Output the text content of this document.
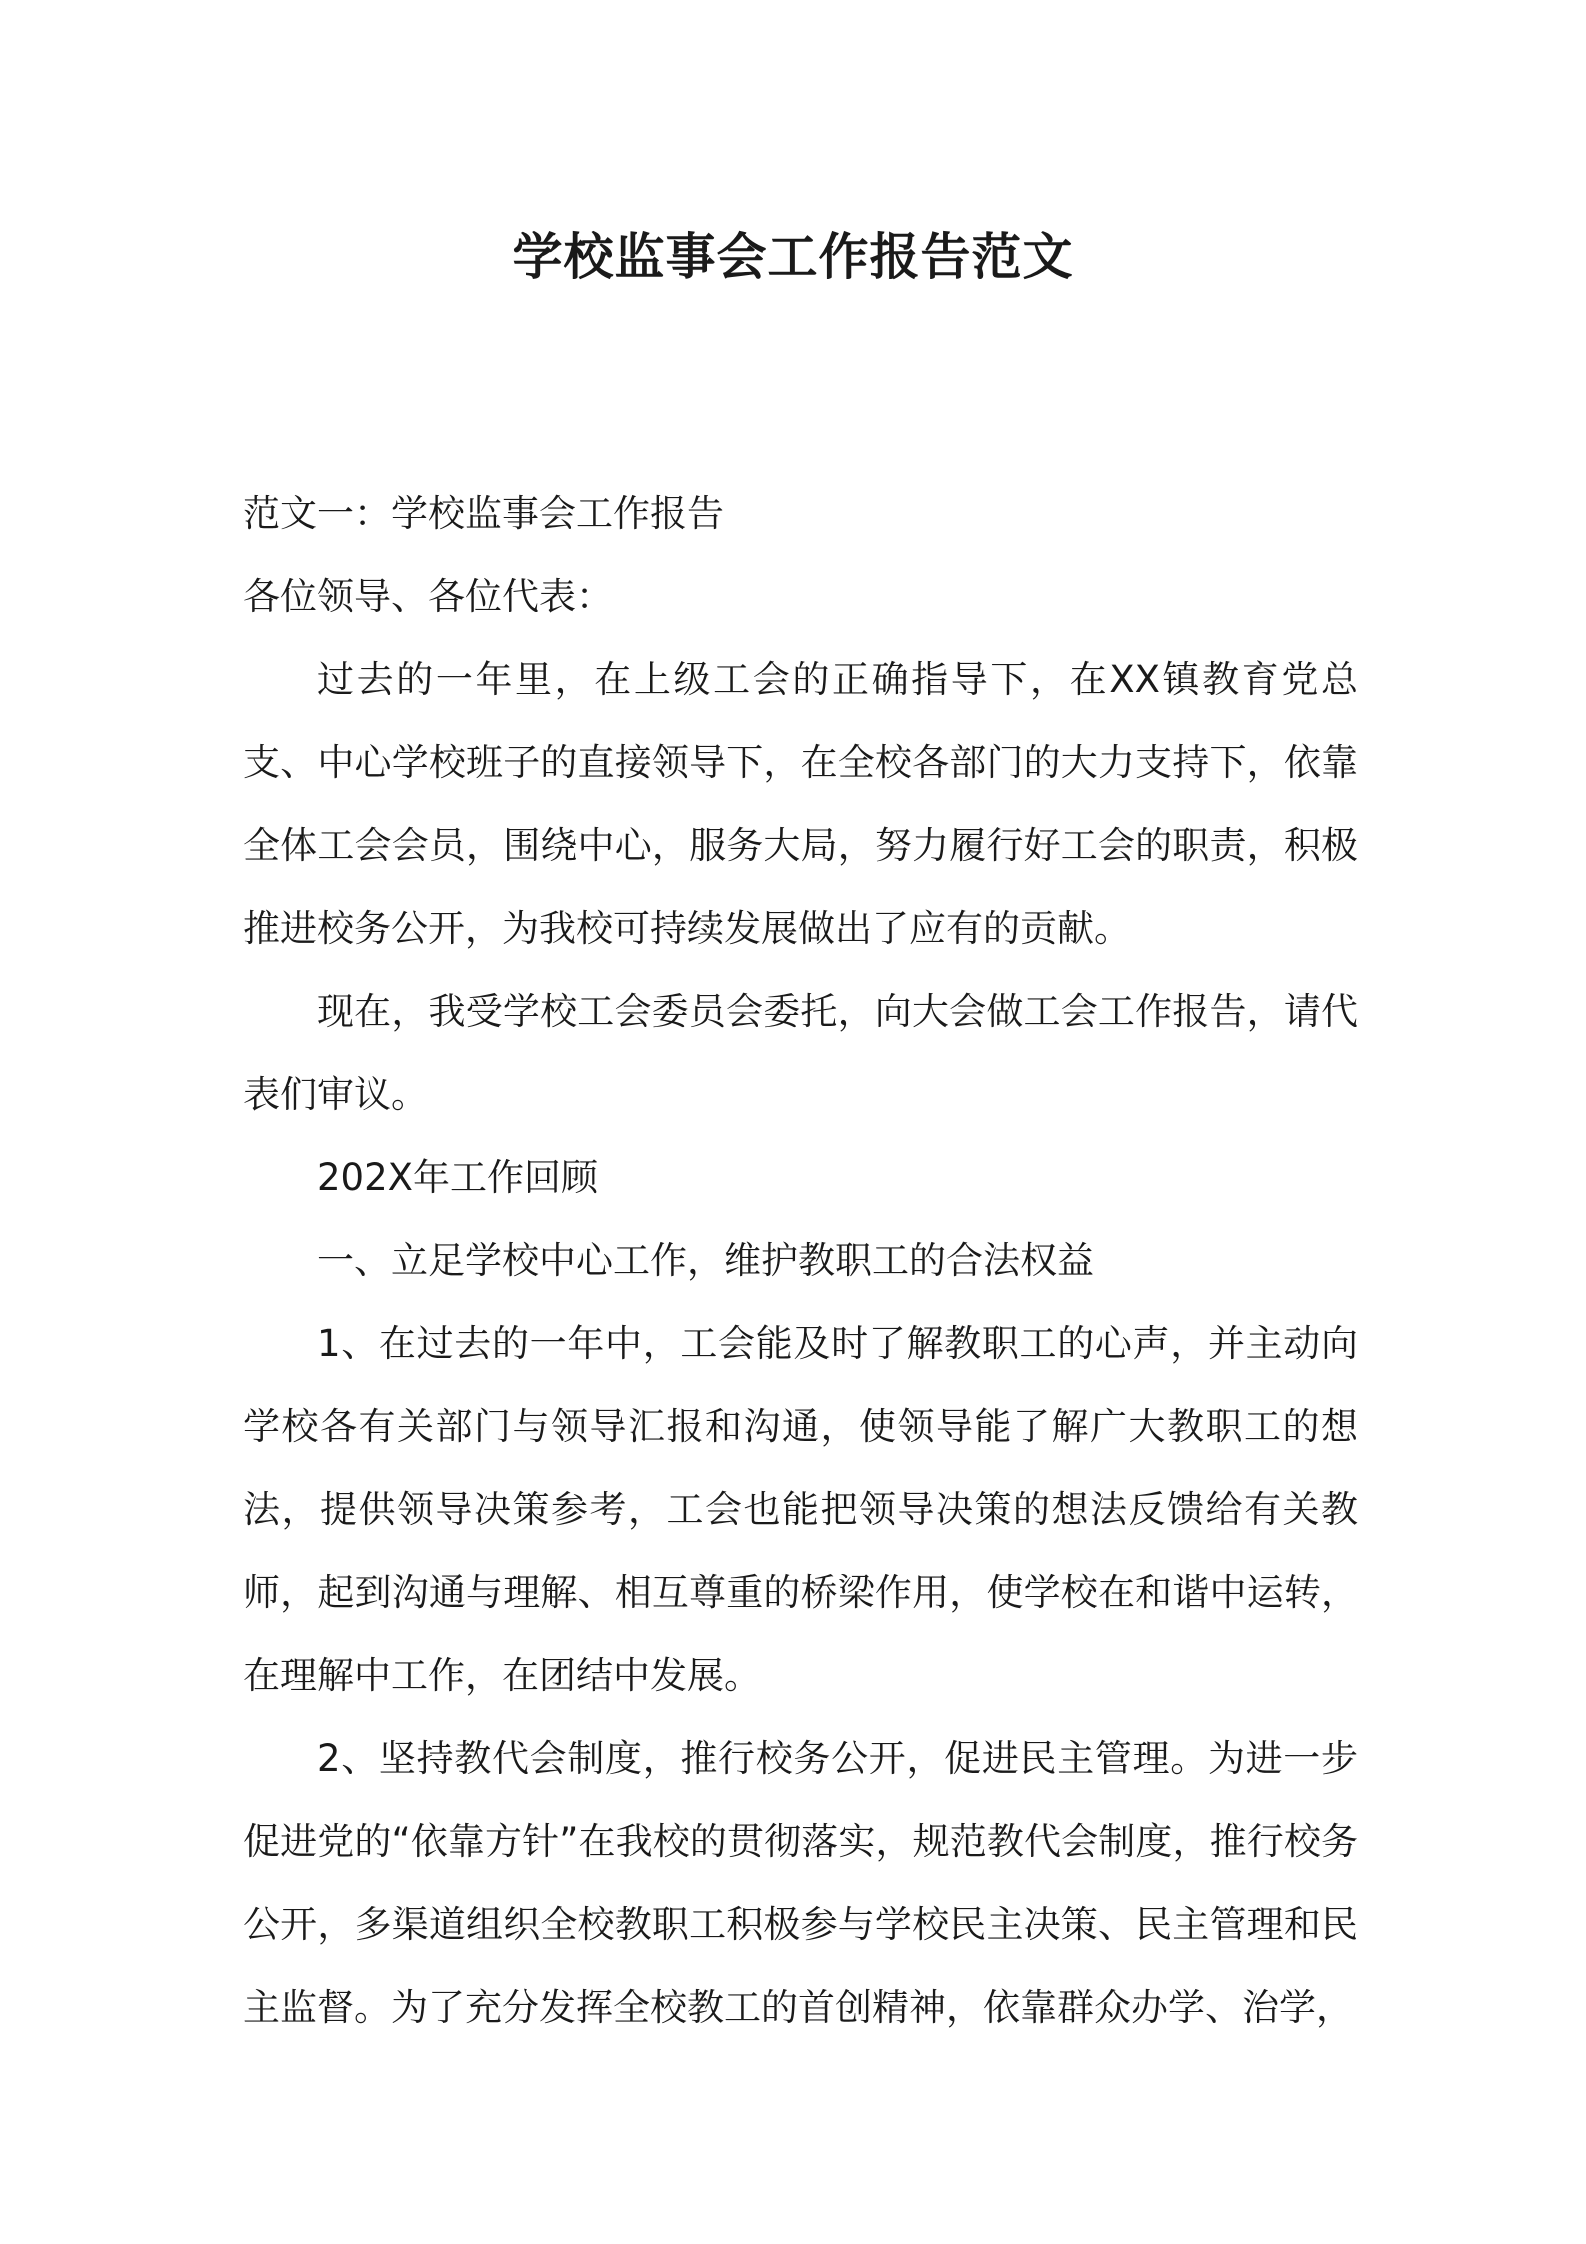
学校监事会工作报告范文

范文一：学校监事会工作报告

各位领导、各位代表：

过去的一年里，在上级工会的正确指导下，在XX镇教育党总支、中心学校班子的直接领导下，在全校各部门的大力支持下，依靠全体工会会员，围绕中心，服务大局，努力履行好工会的职责，积极推进校务公开，为我校可持续发展做出了应有的贡献。

现在，我受学校工会委员会委托，向大会做工会工作报告，请代表们审议。

202X年工作回顾

一、立足学校中心工作，维护教职工的合法权益

1、在过去的一年中，工会能及时了解教职工的心声，并主动向学校各有关部门与领导汇报和沟通，使领导能了解广大教职工的想法，提供领导决策参考，工会也能把领导决策的想法反馈给有关教师，起到沟通与理解、相互尊重的桥梁作用，使学校在和谐中运转，在理解中工作，在团结中发展。

2、坚持教代会制度，推行校务公开，促进民主管理。为进一步促进党的“依靠方针”在我校的贯彻落实，规范教代会制度，推行校务公开，多渠道组织全校教职工积极参与学校民主决策、民主管理和民主监督。为了充分发挥全校教工的首创精神，依靠群众办学、治学，
